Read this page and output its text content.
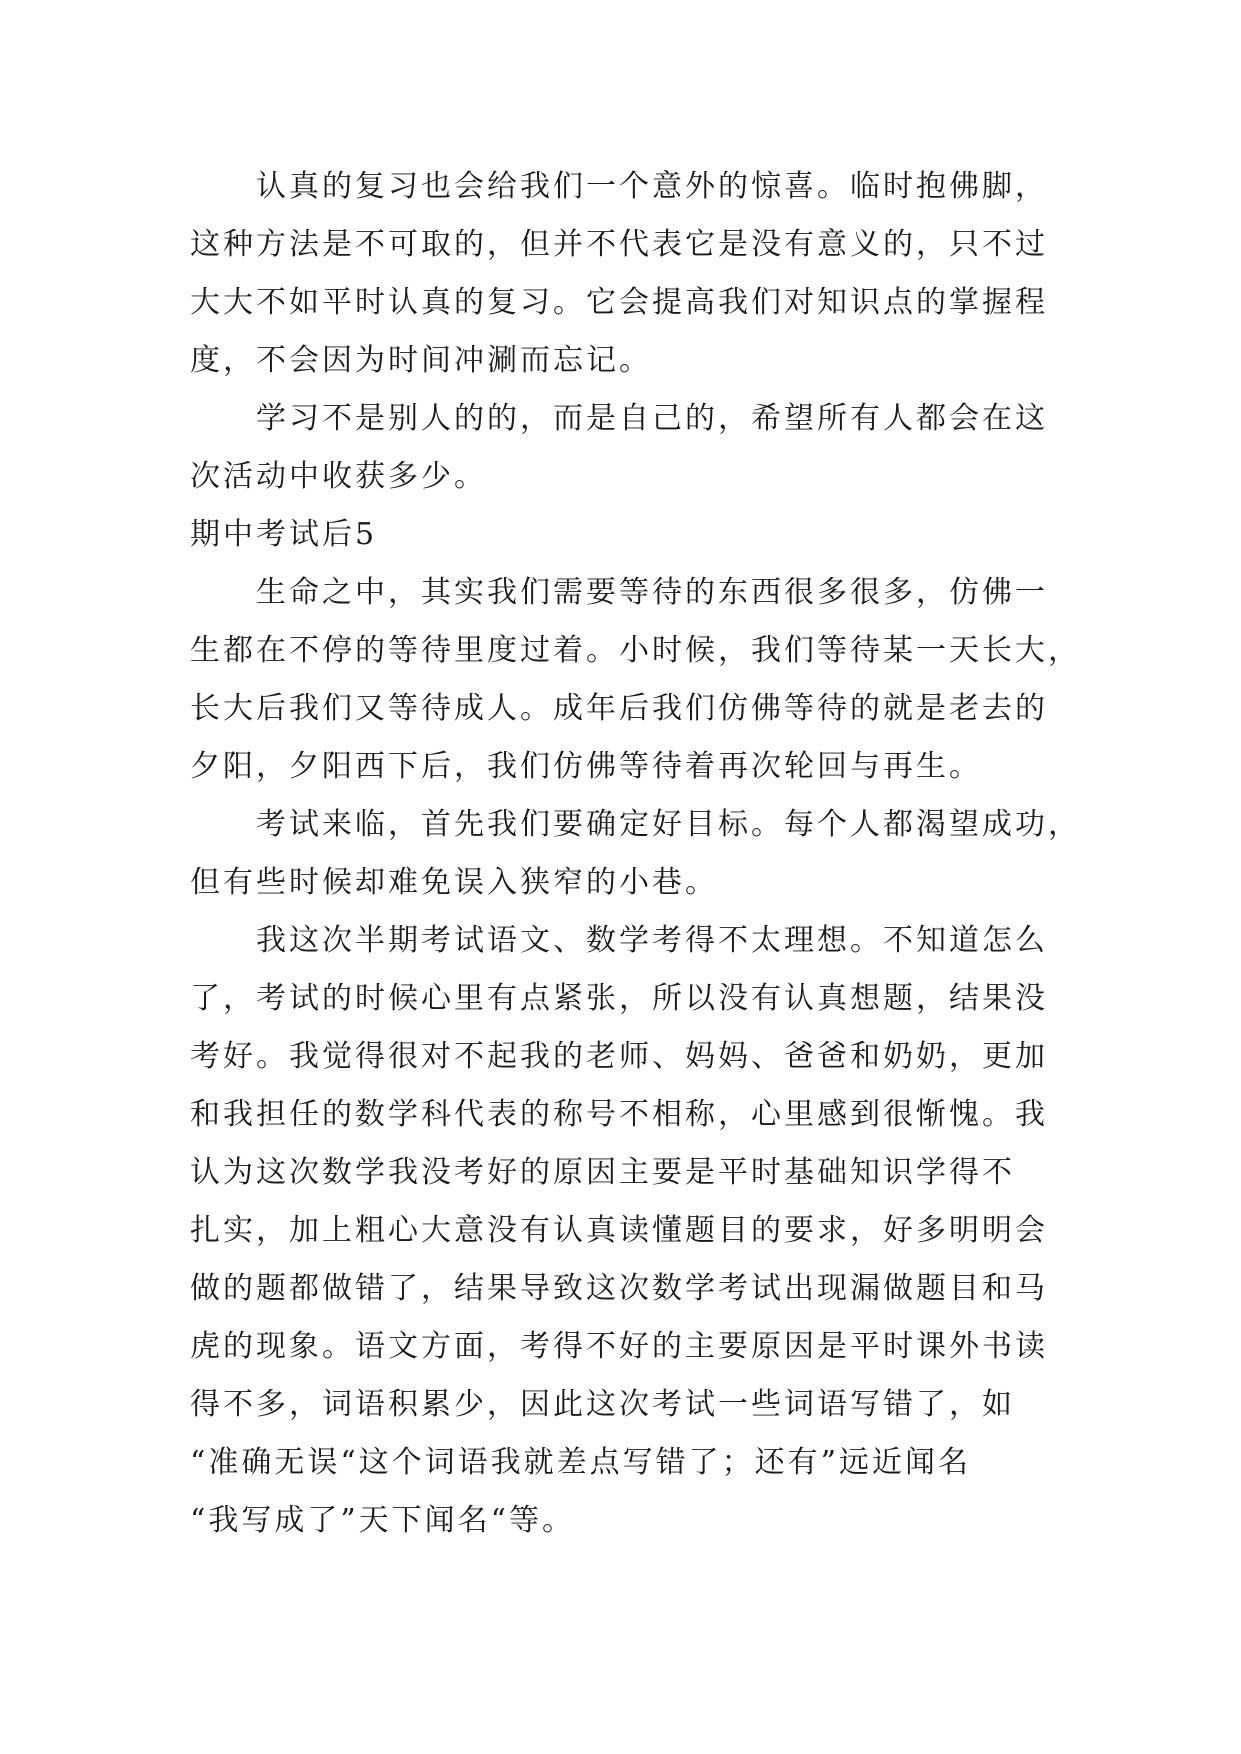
认真的复习也会给我们一个意外的惊喜。临时抱佛脚，
这种方法是不可取的，但并不代表它是没有意义的，只不过
大大不如平时认真的复习。它会提高我们对知识点的掌握程
度，不会因为时间冲涮而忘记。

学习不是别人的的，而是自己的，希望所有人都会在这
次活动中收获多少。

期中考试后5

生命之中，其实我们需要等待的东西很多很多，仿佛一
生都在不停的等待里度过着。小时候，我们等待某一天长大，
长大后我们又等待成人。成年后我们仿佛等待的就是老去的
夕阳，夕阳西下后，我们仿佛等待着再次轮回与再生。

考试来临，首先我们要确定好目标。每个人都渴望成功，
但有些时候却难免误入狭窄的小巷。

我这次半期考试语文、数学考得不太理想。不知道怎么
了，考试的时候心里有点紧张，所以没有认真想题，结果没
考好。我觉得很对不起我的老师、妈妈、爸爸和奶奶，更加
和我担任的数学科代表的称号不相称，心里感到很惭愧。我
认为这次数学我没考好的原因主要是平时基础知识学得不
扎实，加上粗心大意没有认真读懂题目的要求，好多明明会
做的题都做错了，结果导致这次数学考试出现漏做题目和马
虎的现象。语文方面，考得不好的主要原因是平时课外书读
得不多，词语积累少，因此这次考试一些词语写错了，如
“准确无误“这个词语我就差点写错了；还有”远近闻名
“我写成了”天下闻名“等。
